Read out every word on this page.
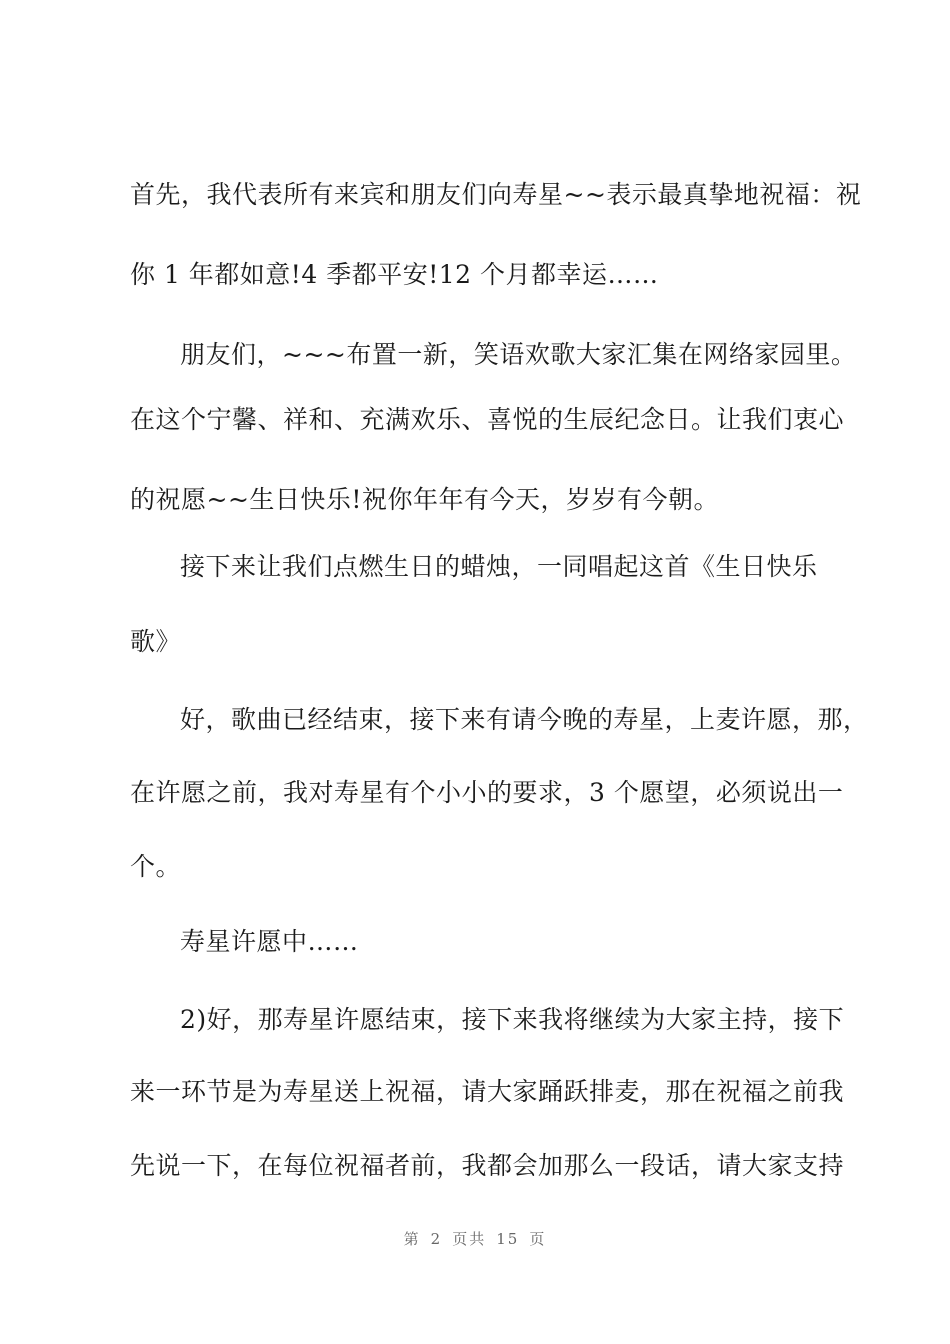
首先，我代表所有来宾和朋友们向寿星~~表示最真挚地祝福：祝
你 1 年都如意!4 季都平安!12 个月都幸运……
朋友们，~~~布置一新，笑语欢歌大家汇集在网络家园里。
在这个宁馨、祥和、充满欢乐、喜悦的生辰纪念日。让我们衷心
的祝愿~~生日快乐!祝你年年有今天，岁岁有今朝。
接下来让我们点燃生日的蜡烛，一同唱起这首《生日快乐
歌》
好，歌曲已经结束，接下来有请今晚的寿星，上麦许愿，那，
在许愿之前，我对寿星有个小小的要求，3 个愿望，必须说出一
个。
寿星许愿中……
2)好，那寿星许愿结束，接下来我将继续为大家主持，接下
来一环节是为寿星送上祝福，请大家踊跃排麦，那在祝福之前我
先说一下，在每位祝福者前，我都会加那么一段话，请大家支持
第 2 页共 15 页
